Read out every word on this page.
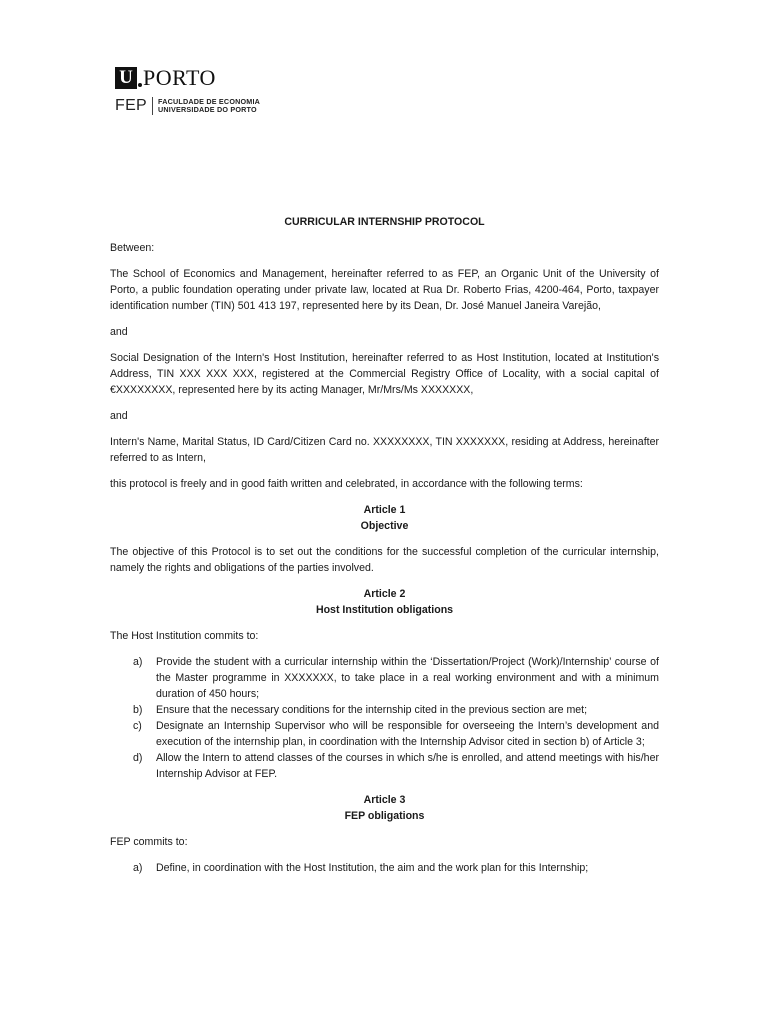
U PORTO
FEP FACULDADE DE ECONOMIA
UNIVERSIDADE DO PORTO

CURRICULAR INTERNSHIP PROTOCOL

Between:

The School of Economics and Management, hereinafter referred to as FEP, an Organic Unit of the University of Porto, a public foundation operating under private law, located at Rua Dr. Roberto Frias, 4200-464, Porto, taxpayer identification number (TIN) 501 413 197, represented here by its Dean, Dr. José Manuel Janeira Varejão,

and

Social Designation of the Intern's Host Institution, hereinafter referred to as Host Institution, located at Institution's Address, TIN XXX XXX XXX, registered at the Commercial Registry Office of Locality, with a social capital of €XXXXXXXX, represented here by its acting Manager, Mr/Mrs/Ms XXXXXXX,

and

Intern's Name, Marital Status, ID Card/Citizen Card no. XXXXXXXX, TIN XXXXXXX, residing at Address, hereinafter referred to as Intern,

this protocol is freely and in good faith written and celebrated, in accordance with the following terms:

Article 1

Objective

The objective of this Protocol is to set out the conditions for the successful completion of the curricular internship, namely the rights and obligations of the parties involved.

Article 2

Host Institution obligations

The Host Institution commits to:

a)	Provide the student with a curricular internship within the ‘Dissertation/Project (Work)/Internship’ course of the Master programme in XXXXXXX, to take place in a real working environment and with a minimum duration of 450 hours;
b)	Ensure that the necessary conditions for the internship cited in the previous section are met;
c)	Designate an Internship Supervisor who will be responsible for overseeing the Intern’s development and execution of the internship plan, in coordination with the Internship Advisor cited in section b) of Article 3;
d)	Allow the Intern to attend classes of the courses in which s/he is enrolled, and attend meetings with his/her Internship Advisor at FEP.

Article 3

FEP obligations

FEP commits to:

a)	Define, in coordination with the Host Institution, the aim and the work plan for this Internship;
